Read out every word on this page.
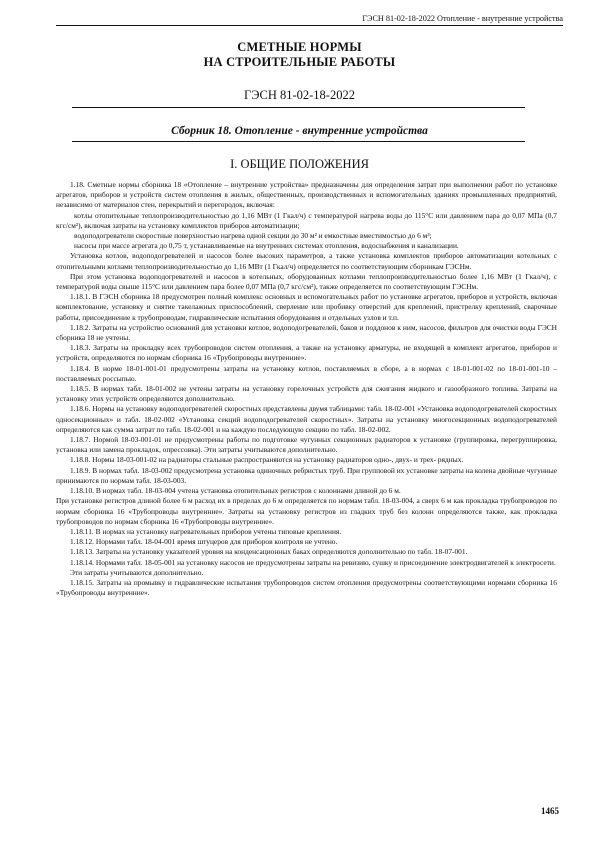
ГЭСН 81-02-18-2022 Отопление - внутренние устройства
СМЕТНЫЕ НОРМЫ
НА СТРОИТЕЛЬНЫЕ РАБОТЫ
ГЭСН 81-02-18-2022
Сборник 18. Отопление - внутренние устройства
I. ОБЩИЕ ПОЛОЖЕНИЯ

1.18. Сметные нормы сборника 18 «Отопление – внутренние устройства» предназначены для определения затрат при выполнении работ по установке агрегатов, приборов и устройств систем отопления в жилых, общественных, производственных и вспомогательных зданиях промышленных предприятий, независимо от материалов стен, перекрытий и перегородок, включая:

котлы отопительные теплопроизводительностью до 1,16 МВт (1 Гкал/ч) с температурой нагрева воды до 115°С или давлением пара до 0,07 МПа (0,7 кгс/см²), включая затраты на установку комплектов приборов автоматизации;

водоподогреватели скоростные поверхностью нагрева одной секции до 30 м² и емкостные вместимостью до 6 м³;

насосы при массе агрегата до 0,75 т, устанавливаемые на внутренних системах отопления, водоснабжения и канализации.

Установка котлов, водоподогревателей и насосов более высоких параметров, а также установка комплектов приборов автоматизации котельных с отопительными котлами теплопроизводительностью до 1,16 МВт (1 Гкал/ч) определяется по соответствующим сборникам ГЭСНм.

При этом установка водоподогревателей и насосов в котельных, оборудованных котлами теплопроизводительностью более 1,16 МВт (1 Гкал/ч), с температурой воды свыше 115°С или давлением пара более 0,07 МПа (0,7 кгс/см²), также определяется по соответствующим ГЭСНм.

1.18.1. В ГЭСН сборника 18 предусмотрен полный комплекс основных и вспомогательных работ по установке агрегатов, приборов и устройств, включая комплектование, установку и снятие такелажных приспособлений, сверление или пробивку отверстий для креплений, пристрелку креплений, сварочные работы, присоединение к трубопроводам, гидравлические испытания оборудования и отдельных узлов и т.п.

1.18.2. Затраты на устройство оснований для установки котлов, водоподогревателей, баков и поддонов к ним, насосов, фильтров для очистки воды ГЭСН сборника 18 не учтены.

1.18.3. Затраты на прокладку всех трубопроводов систем отопления, а также на установку арматуры, не входящей в комплект агрегатов, приборов и устройств, определяются по нормам сборника 16 «Трубопроводы внутренние».

1.18.4. В норме 18-01-001-01 предусмотрены затраты на установку котлов, поставляемых в сборе, а в нормах с 18-01-001-02 по 18-01-001-10 – поставляемых россыпью.

1.18.5. В нормах табл. 18-01-002 не учтены затраты на установку горелочных устройств для сжигания жидкого и газообразного топлива. Затраты на установку этих устройств определяются дополнительно.

1.18.6. Нормы на установку водоподогревателей скоростных представлены двумя таблицами: табл. 18-02-001 «Установка водоподогревателей скоростных односекционных» и табл. 18-02-002 «Установка секций водоподогревателей скоростных». Затраты на установку многосекционных водоподогревателей определяются как сумма затрат по табл. 18-02-001 и на каждую последующую секцию по табл. 18-02-002.

1.18.7. Нормой 18-03-001-01 не предусмотрены работы по подготовке чугунных секционных радиаторов к установке (группировка, перегруппировка, установка или замена прокладок, опрессовка). Эти затраты учитываются дополнительно.

1.18.8. Нормы 18-03-001-02 на радиаторы стальные распространяются на установку радиаторов одно-, двух- и трех- рядных.

1.18.9. В нормах табл. 18-03-002 предусмотрена установка одиночных ребристых труб. При групповой их установке затраты на колена двойные чугунные принимаются по нормам табл. 18-03-003.

1.18.10. В нормах табл. 18-03-004 учтена установка отопительных регистров с колоннами длиной до 6 м.

При установке регистров длиной более 6 м расход их в пределах до 6 м определяется по нормам табл. 18-03-004, а сверх 6 м как прокладка трубопроводов по нормам сборника 16 «Трубопроводы внутренние». Затраты на установку регистров из гладких труб без колонн определяются также, как прокладка трубопроводов по нормам сборника 16 «Трубопроводы внутренние».

1.18.11. В нормах на установку нагревательных приборов учтены типовые крепления.

1.18.12. Нормами табл. 18-04-001 время штуцеров для приборов контроля не учтено.

1.18.13. Затраты на установку указателей уровня на конденсационных баках определяются дополнительно по табл. 18-07-001.

1.18.14. Нормами табл. 18-05-001 на установку насосов не предусмотрены затраты на ревизию, сушку и присоединение электродвигателей к электросети.

Эти затраты учитываются дополнительно.

1.18.15. Затраты на промывку и гидравлические испытания трубопроводов систем отопления предусмотрены соответствующими нормами сборника 16 «Трубопроводы внутренние».

1465
